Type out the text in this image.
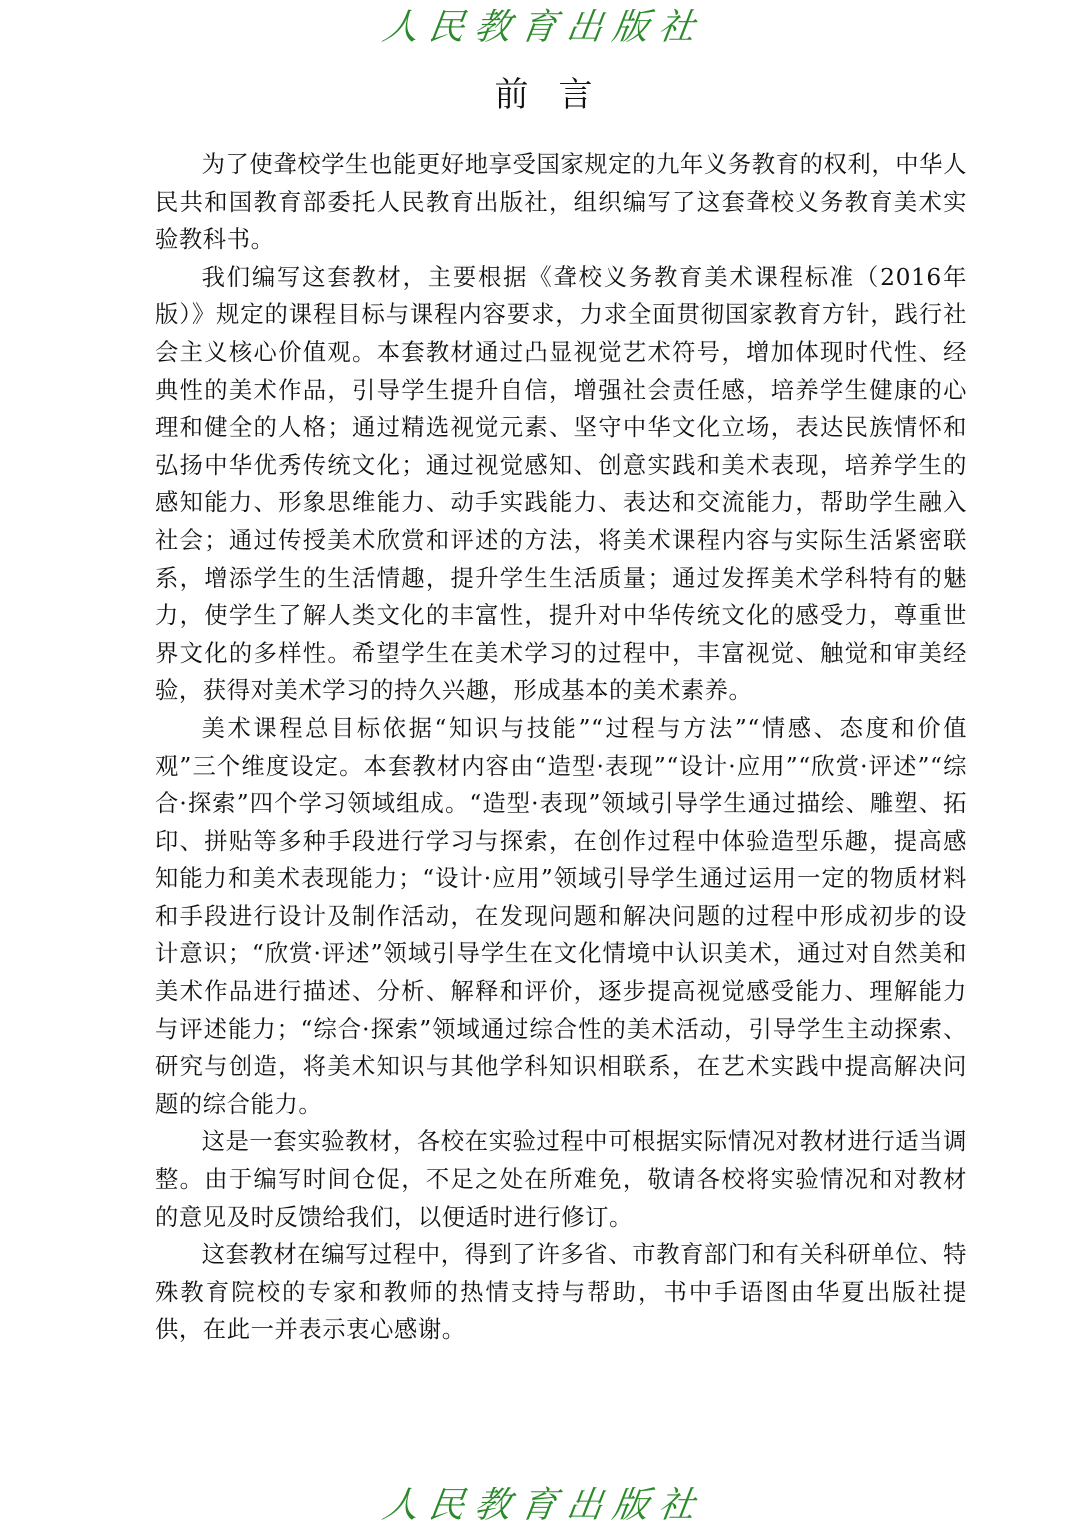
人民教育出版社
前言

为了使聋校学生也能更好地享受国家规定的九年义务教育的权利，中华人民共和国教育部委托人民教育出版社，组织编写了这套聋校义务教育美术实验教科书。

我们编写这套教材，主要根据《聋校义务教育美术课程标准（2016年版）》规定的课程目标与课程内容要求，力求全面贯彻国家教育方针，践行社会主义核心价值观。本套教材通过凸显视觉艺术符号，增加体现时代性、经典性的美术作品，引导学生提升自信，增强社会责任感，培养学生健康的心理和健全的人格；通过精选视觉元素、坚守中华文化立场，表达民族情怀和弘扬中华优秀传统文化；通过视觉感知、创意实践和美术表现，培养学生的感知能力、形象思维能力、动手实践能力、表达和交流能力，帮助学生融入社会；通过传授美术欣赏和评述的方法，将美术课程内容与实际生活紧密联系，增添学生的生活情趣，提升学生生活质量；通过发挥美术学科特有的魅力，使学生了解人类文化的丰富性，提升对中华传统文化的感受力，尊重世界文化的多样性。希望学生在美术学习的过程中，丰富视觉、触觉和审美经验，获得对美术学习的持久兴趣，形成基本的美术素养。

美术课程总目标依据“知识与技能”“过程与方法”“情感、态度和价值观”三个维度设定。本套教材内容由“造型·表现”“设计·应用”“欣赏·评述”“综合·探索”四个学习领域组成。“造型·表现”领域引导学生通过描绘、雕塑、拓印、拼贴等多种手段进行学习与探索，在创作过程中体验造型乐趣，提高感知能力和美术表现能力；“设计·应用”领域引导学生通过运用一定的物质材料和手段进行设计及制作活动，在发现问题和解决问题的过程中形成初步的设计意识；“欣赏·评述”领域引导学生在文化情境中认识美术，通过对自然美和美术作品进行描述、分析、解释和评价，逐步提高视觉感受能力、理解能力与评述能力；“综合·探索”领域通过综合性的美术活动，引导学生主动探索、研究与创造，将美术知识与其他学科知识相联系，在艺术实践中提高解决问题的综合能力。

这是一套实验教材，各校在实验过程中可根据实际情况对教材进行适当调整。由于编写时间仓促，不足之处在所难免，敬请各校将实验情况和对教材的意见及时反馈给我们，以便适时进行修订。

这套教材在编写过程中，得到了许多省、市教育部门和有关科研单位、特殊教育院校的专家和教师的热情支持与帮助，书中手语图由华夏出版社提供，在此一并表示衷心感谢。

人民教育出版社
